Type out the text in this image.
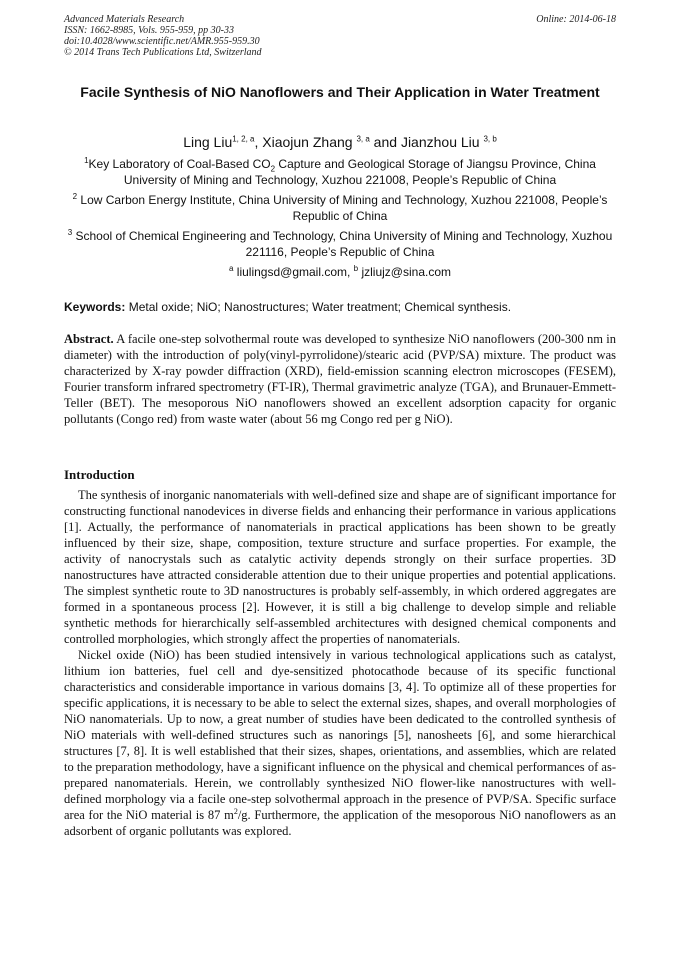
Advanced Materials Research
ISSN: 1662-8985, Vols. 955-959, pp 30-33
doi:10.4028/www.scientific.net/AMR.955-959.30
© 2014 Trans Tech Publications Ltd, Switzerland
Online: 2014-06-18
Facile Synthesis of NiO Nanoflowers and Their Application in Water Treatment
Ling Liu$^{1, 2, a}$, Xiaojun Zhang $^{3, a}$ and Jianzhou Liu $^{3, b}$
$^1$Key Laboratory of Coal-Based $CO_2$ Capture and Geological Storage of Jiangsu Province, China University of Mining and Technology, Xuzhou 221008, People’s Republic of China
$^2$ Low Carbon Energy Institute, China University of Mining and Technology, Xuzhou 221008, People’s Republic of China
$^3$ School of Chemical Engineering and Technology, China University of Mining and Technology, Xuzhou 221116, People’s Republic of China
$^a$ liulingsd@gmail.com, $^b$ jzliujz@sina.com
Keywords: Metal oxide; NiO; Nanostructures; Water treatment; Chemical synthesis.

Abstract. A facile one-step solvothermal route was developed to synthesize NiO nanoflowers (200-300 nm in diameter) with the introduction of poly(vinyl-pyrrolidone)/stearic acid (PVP/SA) mixture. The product was characterized by X-ray powder diffraction (XRD), field-emission scanning electron microscopes (FESEM), Fourier transform infrared spectrometry (FT-IR), Thermal gravimetric analyze (TGA), and Brunauer-Emmett-Teller (BET). The mesoporous NiO nanoflowers showed an excellent adsorption capacity for organic pollutants (Congo red) from waste water (about 56 mg Congo red per g NiO).

Introduction

The synthesis of inorganic nanomaterials with well-defined size and shape are of significant importance for constructing functional nanodevices in diverse fields and enhancing their performance in various applications [1]. Actually, the performance of nanomaterials in practical applications has been shown to be greatly influenced by their size, shape, composition, texture structure and surface properties. For example, the activity of nanocrystals such as catalytic activity depends strongly on their surface properties. 3D nanostructures have attracted considerable attention due to their unique properties and potential applications. The simplest synthetic route to 3D nanostructures is probably self-assembly, in which ordered aggregates are formed in a spontaneous process [2]. However, it is still a big challenge to develop simple and reliable synthetic methods for hierarchically self-assembled architectures with designed chemical components and controlled morphologies, which strongly affect the properties of nanomaterials.

Nickel oxide (NiO) has been studied intensively in various technological applications such as catalyst, lithium ion batteries, fuel cell and dye-sensitized photocathode because of its specific functional characteristics and considerable importance in various domains [3, 4]. To optimize all of these properties for specific applications, it is necessary to be able to select the external sizes, shapes, and overall morphologies of NiO nanomaterials. Up to now, a great number of studies have been dedicated to the controlled synthesis of NiO materials with well-defined structures such as nanorings [5], nanosheets [6], and some hierarchical structures [7, 8]. It is well established that their sizes, shapes, orientations, and assemblies, which are related to the preparation methodology, have a significant influence on the physical and chemical performances of as-prepared nanomaterials. Herein, we controllably synthesized NiO flower-like nanostructures with well-defined morphology via a facile one-step solvothermal approach in the presence of PVP/SA. Specific surface area for the NiO material is 87 $m^2/g$. Furthermore, the application of the mesoporous NiO nanoflowers as an adsorbent of organic pollutants was explored.
